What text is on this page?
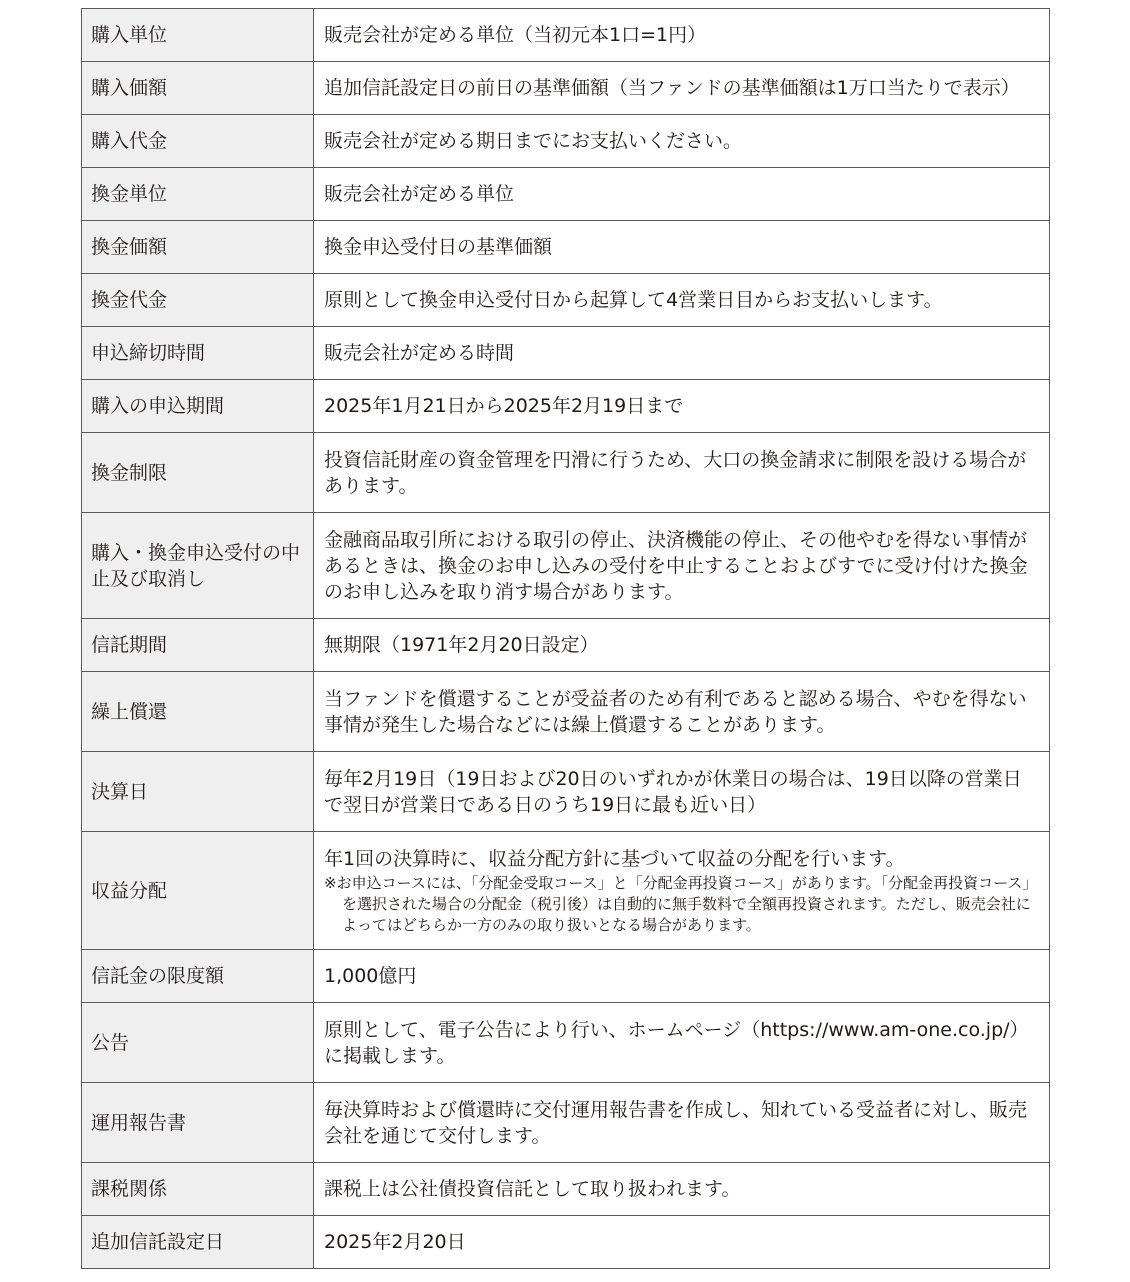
購入単位	販売会社が定める単位（当初元本1口=1円）
購入価額	追加信託設定日の前日の基準価額（当ファンドの基準価額は1万口当たりで表示）
購入代金	販売会社が定める期日までにお支払いください。
換金単位	販売会社が定める単位
換金価額	換金申込受付日の基準価額
換金代金	原則として換金申込受付日から起算して4営業日目からお支払いします。
申込締切時間	販売会社が定める時間
購入の申込期間	2025年1月21日から2025年2月19日まで
換金制限	投資信託財産の資金管理を円滑に行うため、大口の換金請求に制限を設ける場合があります。
購入・換金申込受付の中止及び取消し	金融商品取引所における取引の停止、決済機能の停止、その他やむを得ない事情があるときは、換金のお申し込みの受付を中止することおよびすでに受け付けた換金のお申し込みを取り消す場合があります。
信託期間	無期限（1971年2月20日設定）
繰上償還	当ファンドを償還することが受益者のため有利であると認める場合、やむを得ない事情が発生した場合などには繰上償還することがあります。
決算日	毎年2月19日（19日および20日のいずれかが休業日の場合は、19日以降の営業日で翌日が営業日である日のうち19日に最も近い日）
収益分配	年1回の決算時に、収益分配方針に基づいて収益の分配を行います。
※お申込コースには、「分配金受取コース」と「分配金再投資コース」があります。「分配金再投資コース」を選択された場合の分配金（税引後）は自動的に無手数料で全額再投資されます。ただし、販売会社によってはどちらか一方のみの取り扱いとなる場合があります。

信託金の限度額	1,000億円
公告	原則として、電子公告により行い、ホームページ（https://www.am-one.co.jp/）に掲載します。
運用報告書	毎決算時および償還時に交付運用報告書を作成し、知れている受益者に対し、販売会社を通じて交付します。
課税関係	課税上は公社債投資信託として取り扱われます。
追加信託設定日	2025年2月20日
